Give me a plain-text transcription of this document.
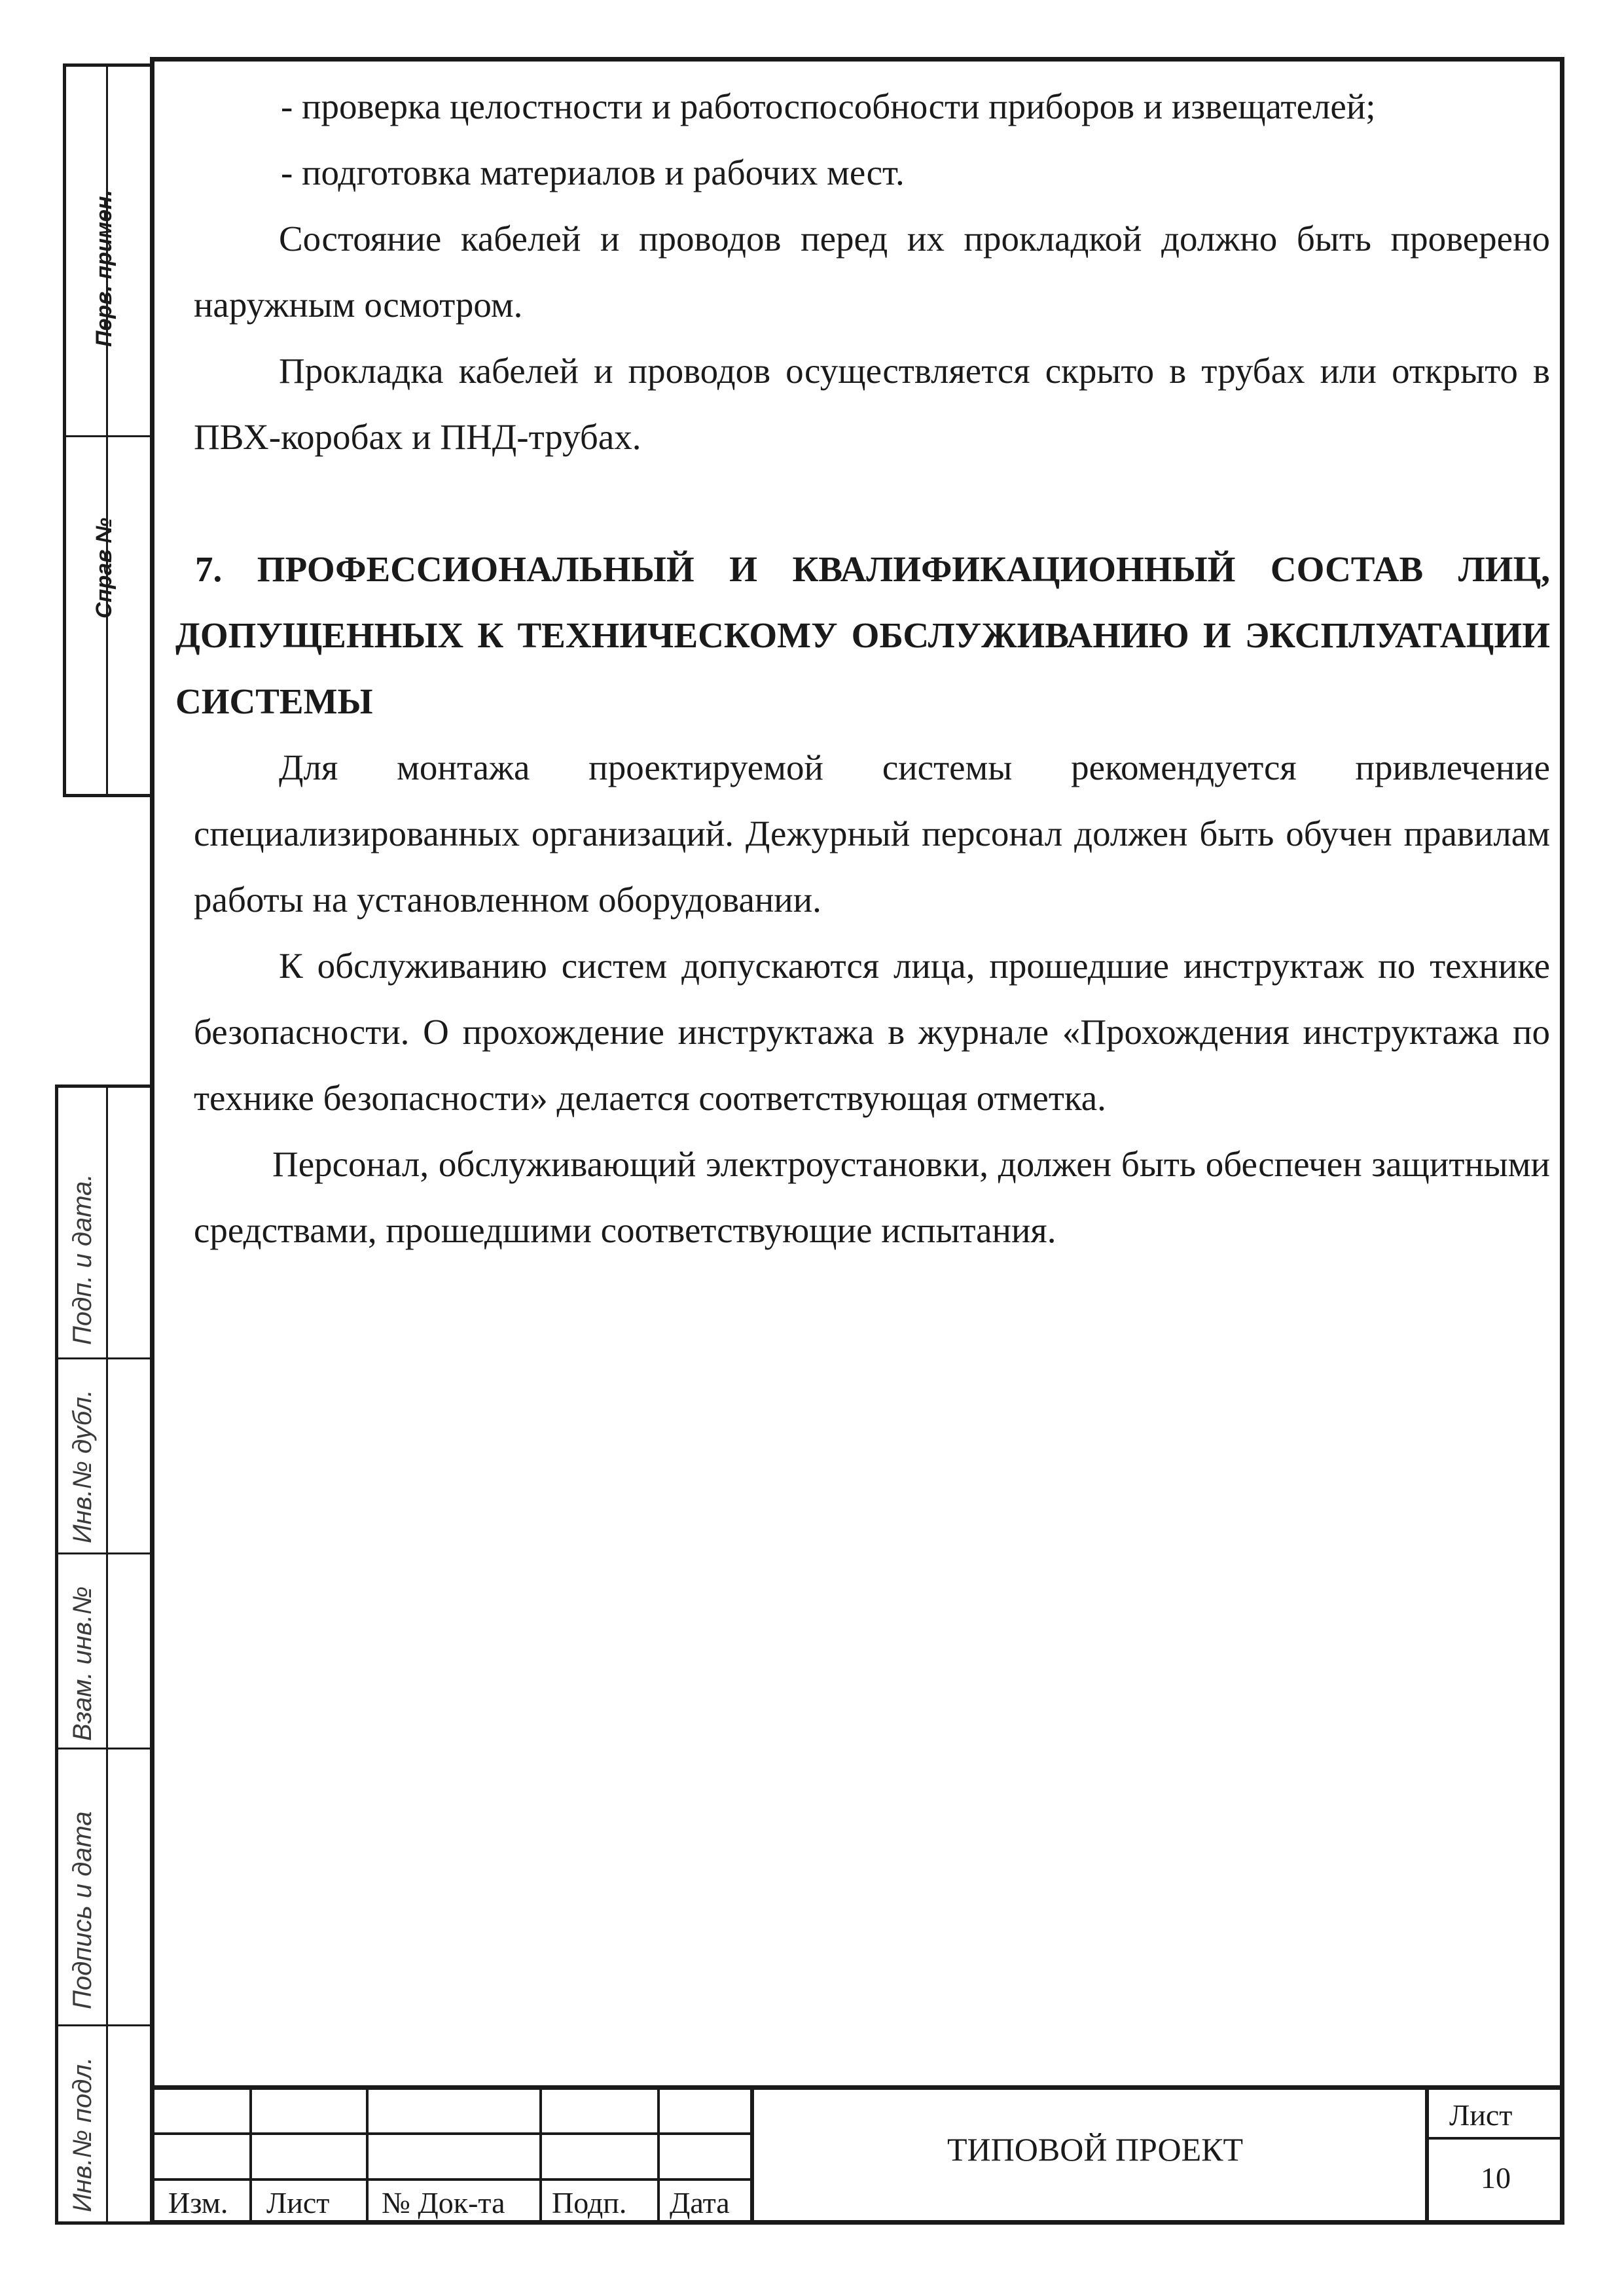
Перв. примен.
Справ №
Подп. и дата.
Инв.№ дубл.
Взам. инв.№
Подпись и дата
Инв.№ подл.

- проверка целостности и работоспособности приборов и извещателей;

- подготовка материалов и рабочих мест.

Состояние кабелей и проводов перед их прокладкой должно быть проверено наружным осмотром.

Прокладка кабелей и проводов осуществляется скрыто в трубах или открыто в ПВХ-коробах и ПНД-трубах.

7. ПРОФЕССИОНАЛЬНЫЙ И КВАЛИФИКАЦИОННЫЙ СОСТАВ ЛИЦ, ДОПУЩЕННЫХ К ТЕХНИЧЕСКОМУ ОБСЛУЖИВАНИЮ И ЭКСПЛУАТАЦИИ СИСТЕМЫ

Для монтажа проектируемой системы рекомендуется привлечение специализированных организаций. Дежурный персонал должен быть обучен правилам работы на установленном оборудовании.

К обслуживанию систем допускаются лица, прошедшие инструктаж по технике безопасности. О прохождение инструктажа в журнале «Прохождения инструктажа по технике безопасности» делается соответствующая отметка.

Персонал, обслуживающий электроустановки, должен быть обеспечен защитными средствами, прошедшими соответствующие испытания.

Изм. Лист № Док-та Подп. Дата
ТИПОВОЙ ПРОЕКТ
Лист
10
